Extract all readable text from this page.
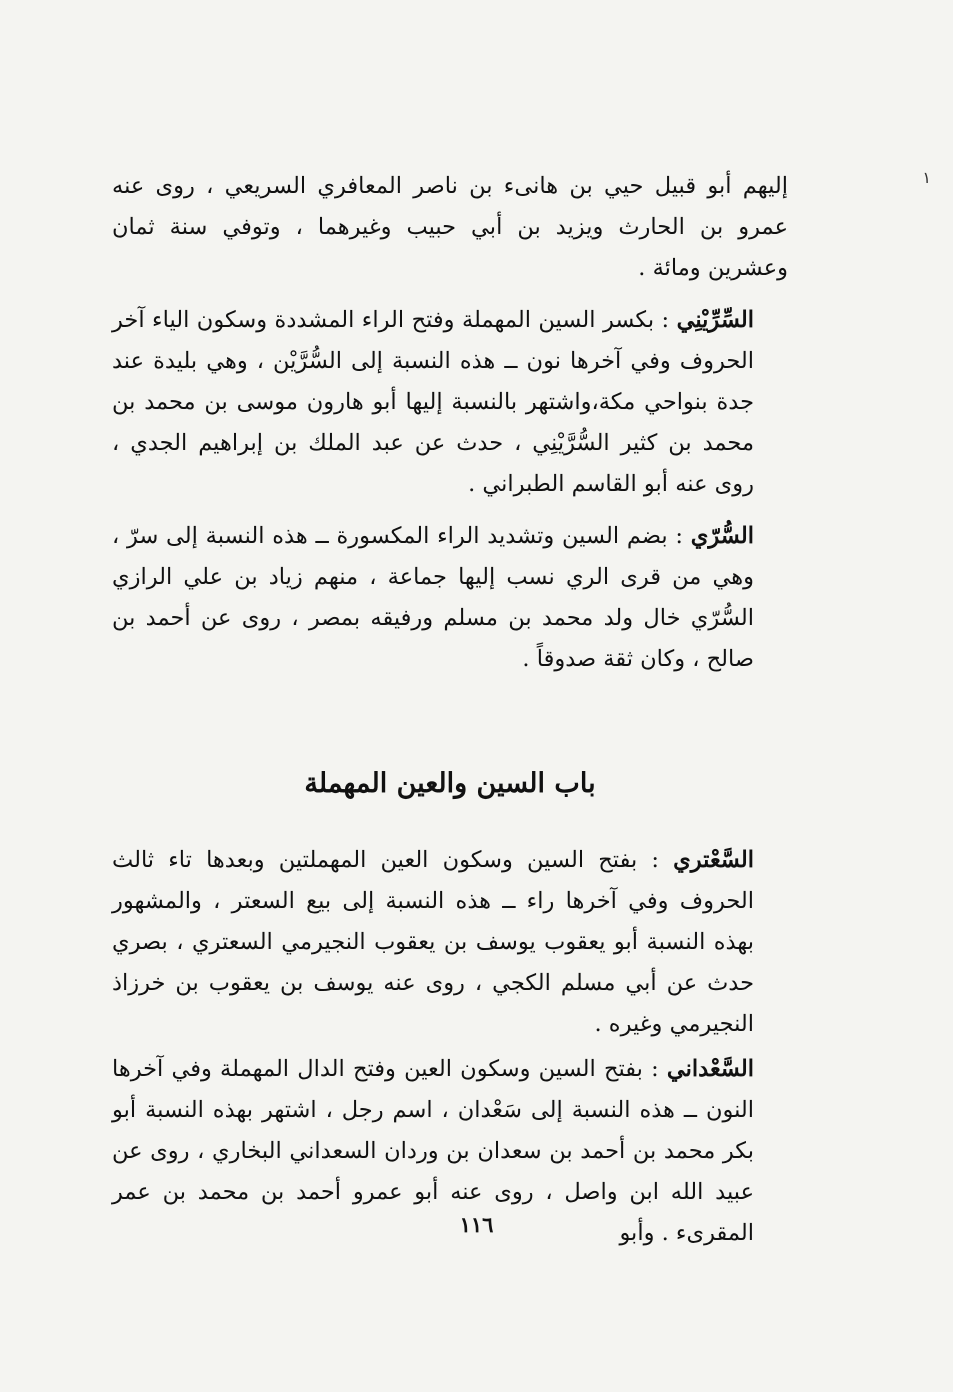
١

إليهم أبو قبيل حيي بن هانىء بن ناصر المعافري السريعي ، روى عنه عمرو بن الحارث ويزيد بن أبي حبيب وغيرهما ، وتوفي سنة ثمان وعشرين ومائة .

السِّرِّيْنِي : بكسر السين المهملة وفتح الراء المشددة وسكون الياء آخر الحروف وفي آخرها نون ــ هذه النسبة إلى السُّرَّيْن ، وهي بليدة عند جدة بنواحي مكة،واشتهر بالنسبة إليها أبو هارون موسى بن محمد بن محمد بن كثير السُّرَّيْنِي ، حدث عن عبد الملك بن إبراهيم الجدي ، روى عنه أبو القاسم الطبراني .

السُّرّي : بضم السين وتشديد الراء المكسورة ــ هذه النسبة إلى سرّ ، وهي من قرى الري نسب إليها جماعة ، منهم زياد بن علي الرازي السُّرّي خال ولد محمد بن مسلم ورفيقه بمصر ، روى عن أحمد بن صالح ، وكان ثقة صدوقاً .

باب السين والعين المهملة

السَّعْتري : بفتح السين وسكون العين المهملتين وبعدها تاء ثالث الحروف وفي آخرها راء ــ هذه النسبة إلى بيع السعتر ، والمشهور بهذه النسبة أبو يعقوب يوسف بن يعقوب النجيرمي السعتري ، بصري حدث عن أبي مسلم الكجي ، روى عنه يوسف بن يعقوب بن خرزاذ النجيرمي وغيره .

السَّعْداني : بفتح السين وسكون العين وفتح الدال المهملة وفي آخرها النون ــ هذه النسبة إلى سَعْدان ، اسم رجل ، اشتهر بهذه النسبة أبو بكر محمد بن أحمد بن سعدان بن وردان السعداني البخاري ، روى عن عبيد الله ابن واصل ، روى عنه أبو عمرو أحمد بن محمد بن عمر المقرىء . وأبو

١١٦
